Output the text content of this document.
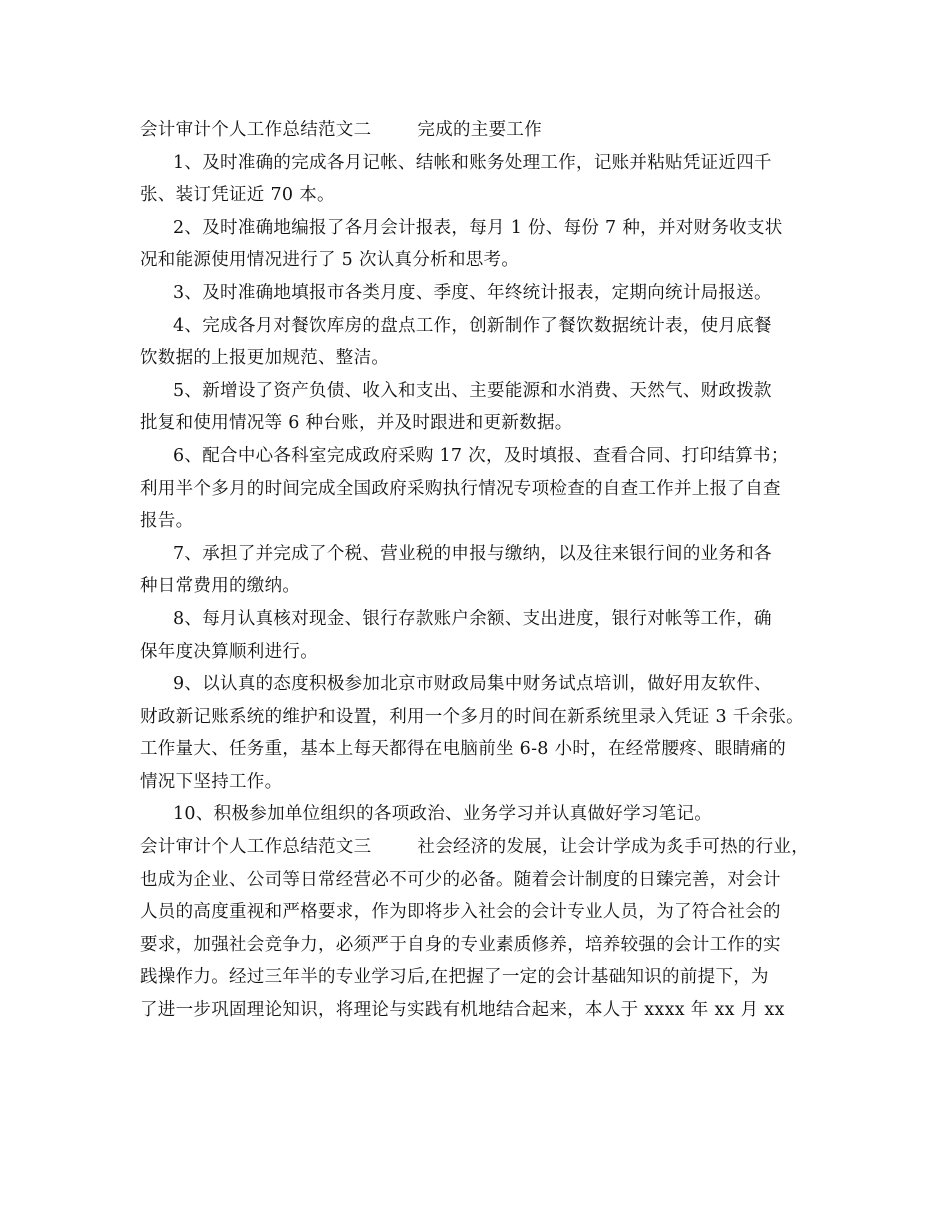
会计审计个人工作总结范文二	完成的主要工作
1、及时准确的完成各月记帐、结帐和账务处理工作，记账并粘贴凭证近四千
张、装订凭证近 70 本。
2、及时准确地编报了各月会计报表，每月 1 份、每份 7 种，并对财务收支状
况和能源使用情况进行了 5 次认真分析和思考。
3、及时准确地填报市各类月度、季度、年终统计报表，定期向统计局报送。
4、完成各月对餐饮库房的盘点工作，创新制作了餐饮数据统计表，使月底餐
饮数据的上报更加规范、整洁。
5、新增设了资产负债、收入和支出、主要能源和水消费、天然气、财政拨款
批复和使用情况等 6 种台账，并及时跟进和更新数据。
6、配合中心各科室完成政府采购 17 次，及时填报、查看合同、打印结算书；
利用半个多月的时间完成全国政府采购执行情况专项检查的自查工作并上报了自查
报告。
7、承担了并完成了个税、营业税的申报与缴纳，以及往来银行间的业务和各
种日常费用的缴纳。
8、每月认真核对现金、银行存款账户余额、支出进度，银行对帐等工作，确
保年度决算顺利进行。
9、以认真的态度积极参加北京市财政局集中财务试点培训，做好用友软件、
财政新记账系统的维护和设置，利用一个多月的时间在新系统里录入凭证 3 千余张。
工作量大、任务重，基本上每天都得在电脑前坐 6-8 小时，在经常腰疼、眼睛痛的
情况下坚持工作。
10、积极参加单位组织的各项政治、业务学习并认真做好学习笔记。
会计审计个人工作总结范文三	社会经济的发展，让会计学成为炙手可热的行业，
也成为企业、公司等日常经营必不可少的必备。随着会计制度的日臻完善，对会计
人员的高度重视和严格要求，作为即将步入社会的会计专业人员，为了符合社会的
要求，加强社会竞争力，必须严于自身的专业素质修养，培养较强的会计工作的实
践操作力。经过三年半的专业学习后,在把握了一定的会计基础知识的前提下，为
了进一步巩固理论知识，将理论与实践有机地结合起来，本人于 xxxx 年 xx 月 xx
